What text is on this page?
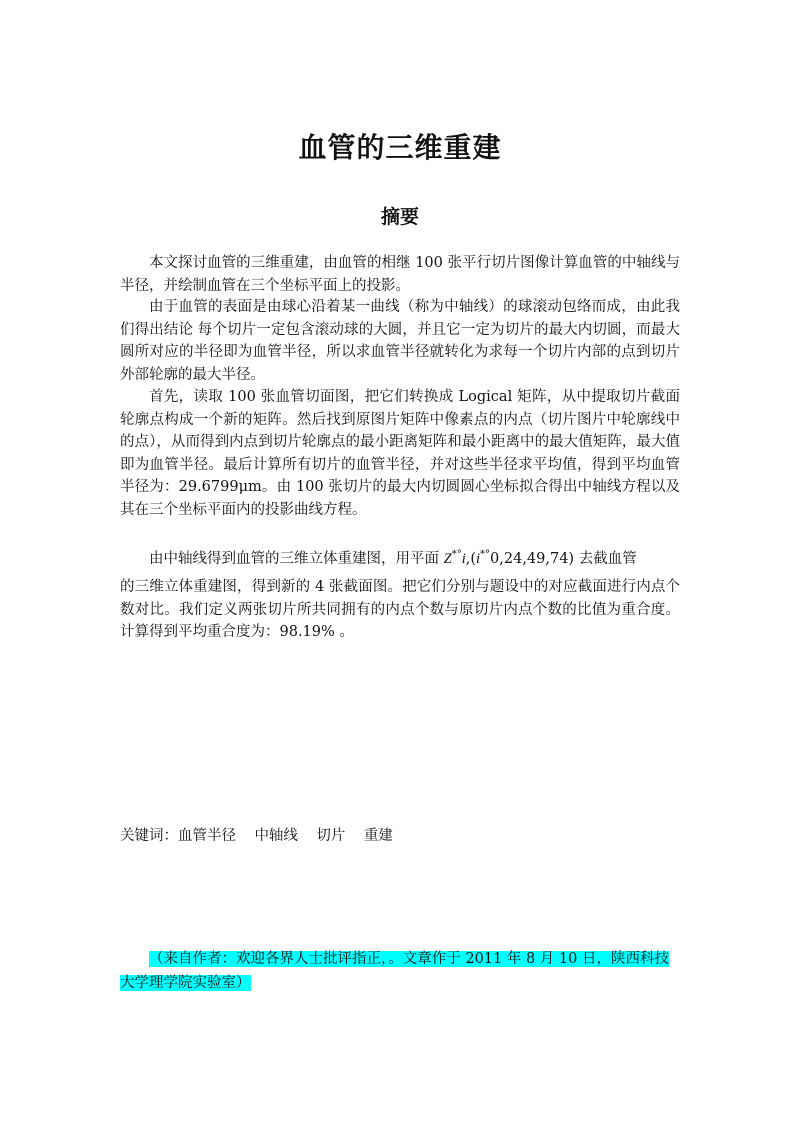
血管的三维重建
摘要

本文探讨血管的三维重建，由血管的相继 100 张平行切片图像计算血管的中轴线与半径，并绘制血管在三个坐标平面上的投影。

由于血管的表面是由球心沿着某一曲线（称为中轴线）的球滚动包络而成，由此我们得出结论 每个切片一定包含滚动球的大圆，并且它一定为切片的最大内切圆，而最大圆所对应的半径即为血管半径，所以求血管半径就转化为求每一个切片内部的点到切片外部轮廓的最大半径。

首先，读取 100 张血管切面图，把它们转换成 Logical 矩阵，从中提取切片截面轮廓点构成一个新的矩阵。然后找到原图片矩阵中像素点的内点（切片图片中轮廓线中的点），从而得到内点到切片轮廓点的最小距离矩阵和最小距离中的最大值矩阵，最大值即为血管半径。最后计算所有切片的血管半径，并对这些半径求平均值，得到平均血管半径为：29.6799μm。由 100 张切片的最大内切圆圆心坐标拟合得出中轴线方程以及其在三个坐标平面内的投影曲线方程。

由中轴线得到血管的三维立体重建图，用平面 Z*°i,(i*°0,24,49,74) 去截血管

的三维立体重建图，得到新的 4 张截面图。把它们分别与题设中的对应截面进行内点个数对比。我们定义两张切片所共同拥有的内点个数与原切片内点个数的比值为重合度。计算得到平均重合度为：98.19% 。

关键词：血管半径 中轴线 切片 重建

（来自作者：欢迎各界人士批评指正，。文章作于 2011 年 8 月 10 日，陕西科技大学理学院实验室）
